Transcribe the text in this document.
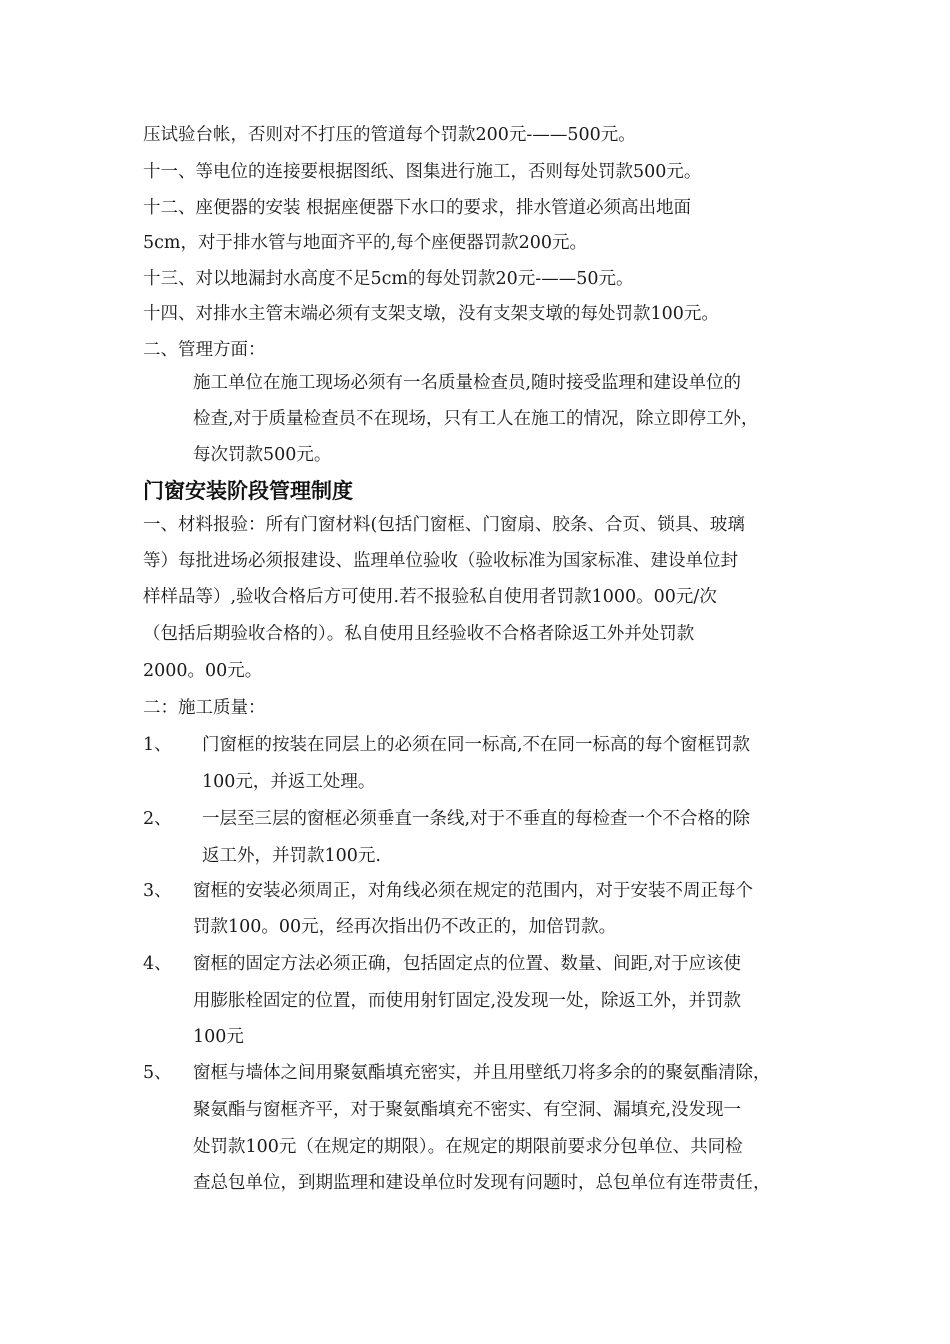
压试验台帐，否则对不打压的管道每个罚款200元-——500元。
十一、等电位的连接要根据图纸、图集进行施工，否则每处罚款500元。
十二、座便器的安装 根据座便器下水口的要求，排水管道必须高出地面
5cm，对于排水管与地面齐平的,每个座便器罚款200元。
十三、对以地漏封水高度不足5cm的每处罚款20元-——50元。
十四、对排水主管末端必须有支架支墩，没有支架支墩的每处罚款100元。
二、管理方面：
施工单位在施工现场必须有一名质量检查员,随时接受监理和建设单位的
检查,对于质量检查员不在现场，只有工人在施工的情况，除立即停工外，
每次罚款500元。
门窗安装阶段管理制度
一、材料报验：所有门窗材料(包括门窗框、门窗扇、胶条、合页、锁具、玻璃
等）每批进场必须报建设、监理单位验收（验收标准为国家标准、建设单位封
样样品等）,验收合格后方可使用.若不报验私自使用者罚款1000。00元/次
（包括后期验收合格的）。私自使用且经验收不合格者除返工外并处罚款
2000。00元。
二：施工质量：
1、 门窗框的按装在同层上的必须在同一标高,不在同一标高的每个窗框罚款
100元，并返工处理。
2、 一层至三层的窗框必须垂直一条线,对于不垂直的每检查一个不合格的除
返工外，并罚款100元.
3、 窗框的安装必须周正，对角线必须在规定的范围内，对于安装不周正每个
罚款100。00元，经再次指出仍不改正的，加倍罚款。
4、 窗框的固定方法必须正确，包括固定点的位置、数量、间距,对于应该使
用膨胀栓固定的位置，而使用射钉固定,没发现一处，除返工外，并罚款
100元
5、 窗框与墙体之间用聚氨酯填充密实，并且用壁纸刀将多余的的聚氨酯清除，
聚氨酯与窗框齐平，对于聚氨酯填充不密实、有空洞、漏填充,没发现一
处罚款100元（在规定的期限）。在规定的期限前要求分包单位、共同检
查总包单位，到期监理和建设单位时发现有问题时，总包单位有连带责任，
